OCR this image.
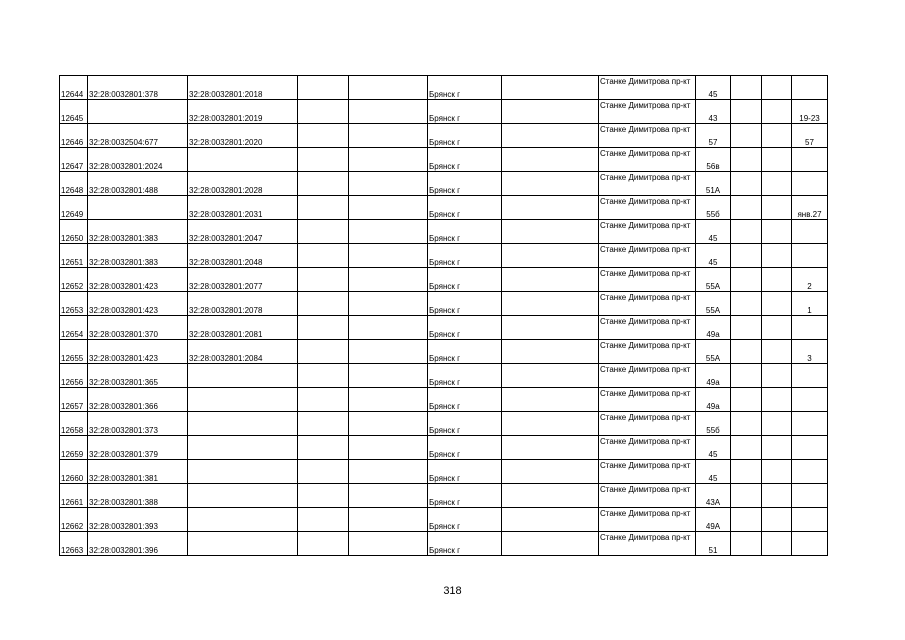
12644	32:28:0032801:378	32:28:0032801:2018			Брянск г		Станке Димитрова пр-кт	45			
12645		32:28:0032801:2019			Брянск г		Станке Димитрова пр-кт	43			19-23
12646	32:28:0032504:677	32:28:0032801:2020			Брянск г		Станке Димитрова пр-кт	57			57
12647	32:28:0032801:2024				Брянск г		Станке Димитрова пр-кт	56в			
12648	32:28:0032801:488	32:28:0032801:2028			Брянск г		Станке Димитрова пр-кт	51А			
12649		32:28:0032801:2031			Брянск г		Станке Димитрова пр-кт	55б			янв.27
12650	32:28:0032801:383	32:28:0032801:2047			Брянск г		Станке Димитрова пр-кт	45			
12651	32:28:0032801:383	32:28:0032801:2048			Брянск г		Станке Димитрова пр-кт	45			
12652	32:28:0032801:423	32:28:0032801:2077			Брянск г		Станке Димитрова пр-кт	55А			2
12653	32:28:0032801:423	32:28:0032801:2078			Брянск г		Станке Димитрова пр-кт	55А			1
12654	32:28:0032801:370	32:28:0032801:2081			Брянск г		Станке Димитрова пр-кт	49а			
12655	32:28:0032801:423	32:28:0032801:2084			Брянск г		Станке Димитрова пр-кт	55А			3
12656	32:28:0032801:365				Брянск г		Станке Димитрова пр-кт	49а			
12657	32:28:0032801:366				Брянск г		Станке Димитрова пр-кт	49а			
12658	32:28:0032801:373				Брянск г		Станке Димитрова пр-кт	55б			
12659	32:28:0032801:379				Брянск г		Станке Димитрова пр-кт	45			
12660	32:28:0032801:381				Брянск г		Станке Димитрова пр-кт	45			
12661	32:28:0032801:388				Брянск г		Станке Димитрова пр-кт	43А			
12662	32:28:0032801:393				Брянск г		Станке Димитрова пр-кт	49А			
12663	32:28:0032801:396				Брянск г		Станке Димитрова пр-кт	51			
318
